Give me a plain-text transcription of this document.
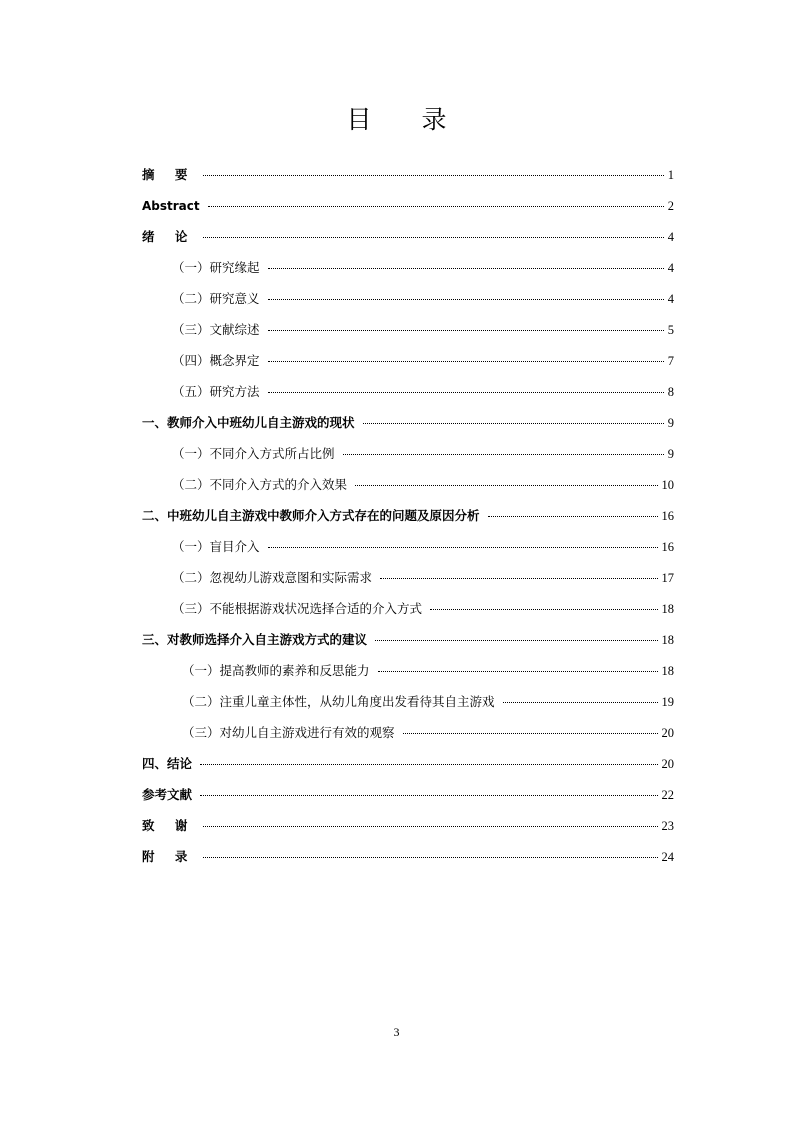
目　　录
摘 要	1
Abstract	2
绪 论	4
（一）研究缘起	4
（二）研究意义	4
（三）文献综述	5
（四）概念界定	7
（五）研究方法	8
一、教师介入中班幼儿自主游戏的现状	9
（一）不同介入方式所占比例	9
（二）不同介入方式的介入效果	10
二、中班幼儿自主游戏中教师介入方式存在的问题及原因分析	16
（一）盲目介入	16
（二）忽视幼儿游戏意图和实际需求	17
（三）不能根据游戏状况选择合适的介入方式	18
三、对教师选择介入自主游戏方式的建议	18
（一）提高教师的素养和反思能力	18
（二）注重儿童主体性，从幼儿角度出发看待其自主游戏	19
（三）对幼儿自主游戏进行有效的观察	20
四、结论	20
参考文献	22
致 谢	23
附 录	24
3
